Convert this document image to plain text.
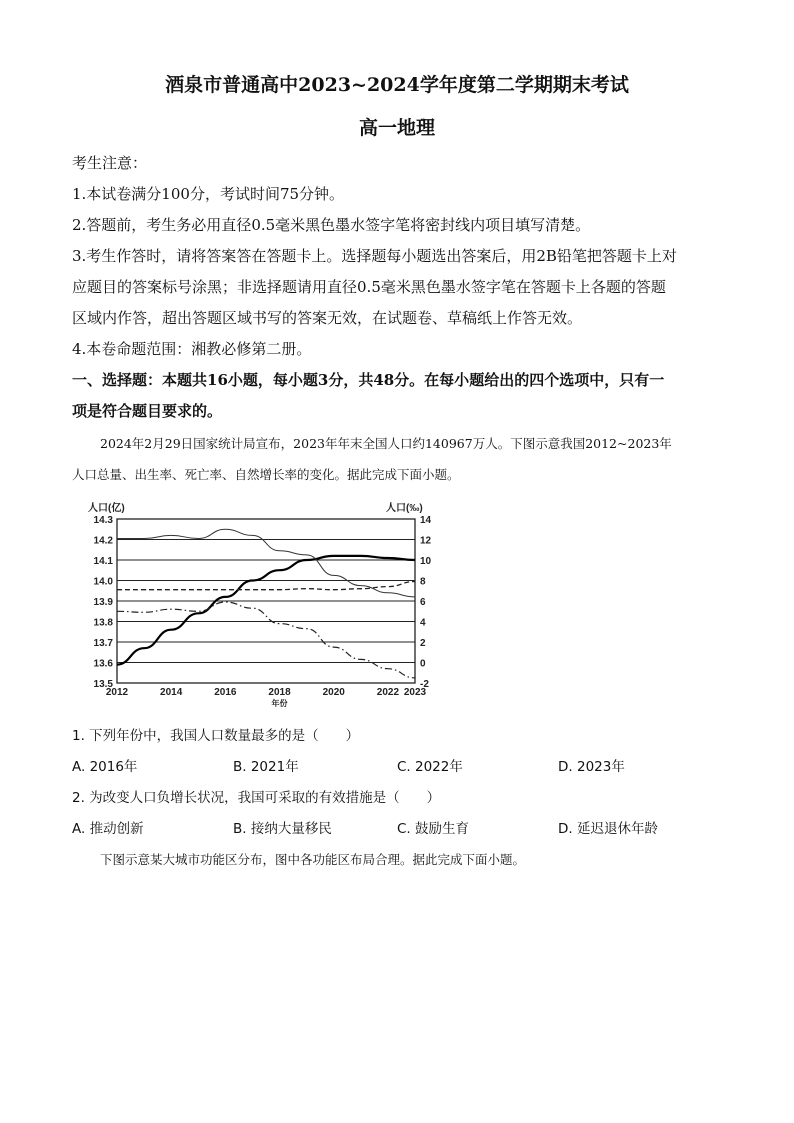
酒泉市普通高中2023~2024学年度第二学期期末考试
高一地理
考生注意：
1.本试卷满分100分，考试时间75分钟。
2.答题前，考生务必用直径0.5毫米黑色墨水签字笔将密封线内项目填写清楚。
3.考生作答时，请将答案答在答题卡上。选择题每小题选出答案后，用2B铅笔把答题卡上对
应题目的答案标号涂黑；非选择题请用直径0.5毫米黑色墨水签字笔在答题卡上各题的答题
区域内作答，超出答题区域书写的答案无效，在试题卷、草稿纸上作答无效。
4.本卷命题范围：湘教必修第二册。
一、选择题：本题共16小题，每小题3分，共48分。在每小题给出的四个选项中，只有一
项是符合题目要求的。
2024年2月29日国家统计局宣布，2023年年末全国人口约140967万人。下图示意我国2012~2023年
人口总量、出生率、死亡率、自然增长率的变化。据此完成下面小题。
14.3
14.2
14.1
14.0
13.9
13.8
13.7
13.6
13.5
14
12
10
8
6
4
2
0
-2
2012	2014	2016	2018	2020	2022 2023
人口(亿)	人口(‰)
年份
1. 下列年份中，我国人口数量最多的是（　　）
A. 2016年	B. 2021年	C. 2022年	D. 2023年
2. 为改变人口负增长状况，我国可采取的有效措施是（　　）
A. 推动创新	B. 接纳大量移民	C. 鼓励生育	D. 延迟退休年龄
下图示意某大城市功能区分布，图中各功能区布局合理。据此完成下面小题。
